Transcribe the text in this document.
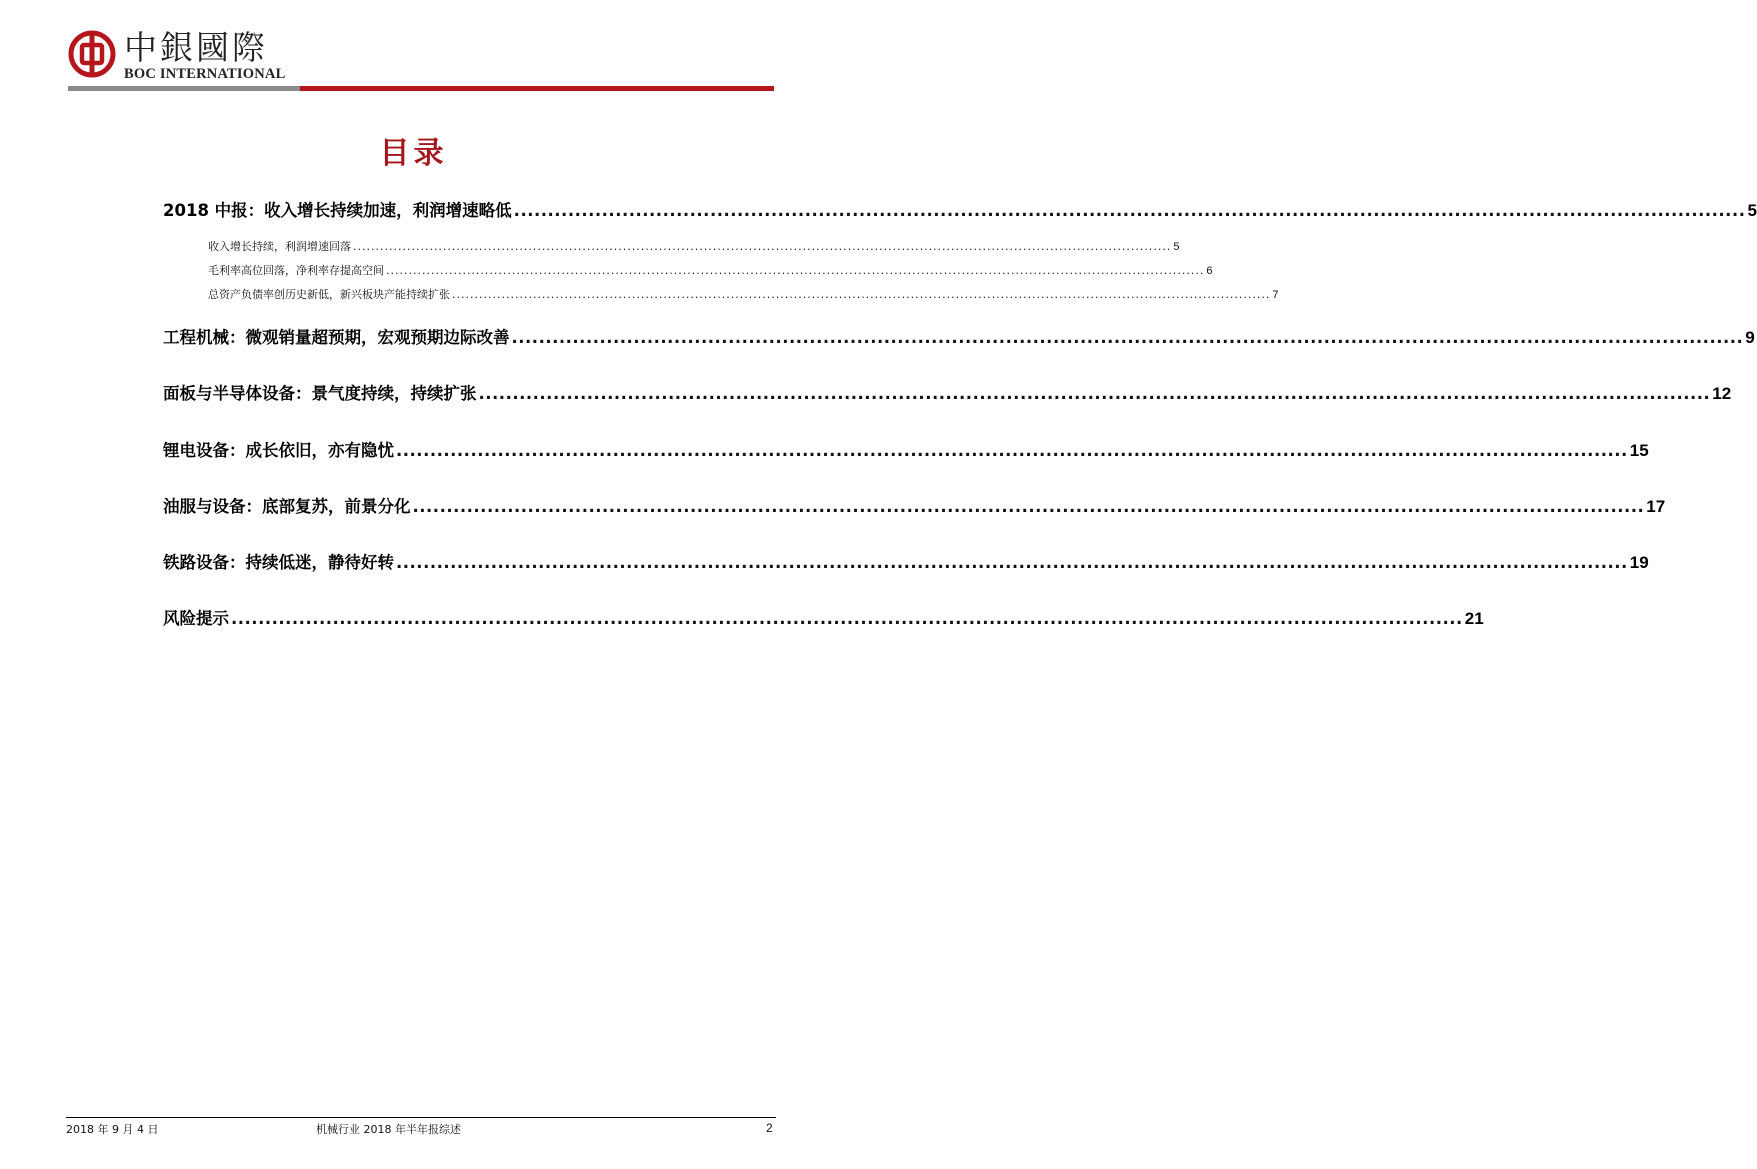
中銀國際
BOC INTERNATIONAL
目录
2018 中报：收入增长持续加速，利润增速略低 ...................................................................................................................................................................................... 5
收入增长持续，利润增速回落 ...................................................................................................................................................................................... 5
毛利率高位回落，净利率存提高空间 ...................................................................................................................................................................................... 6
总资产负债率创历史新低，新兴板块产能持续扩张 ...................................................................................................................................................................................... 7
工程机械：微观销量超预期，宏观预期边际改善 ...................................................................................................................................................................................... 9
面板与半导体设备：景气度持续，持续扩张 ...................................................................................................................................................................................... 12
锂电设备：成长依旧，亦有隐忧 ...................................................................................................................................................................................... 15
油服与设备：底部复苏，前景分化 ...................................................................................................................................................................................... 17
铁路设备：持续低迷，静待好转 ...................................................................................................................................................................................... 19
风险提示 ...................................................................................................................................................................................... 21
2018 年 9 月 4 日	机械行业 2018 年半年报综述	2
